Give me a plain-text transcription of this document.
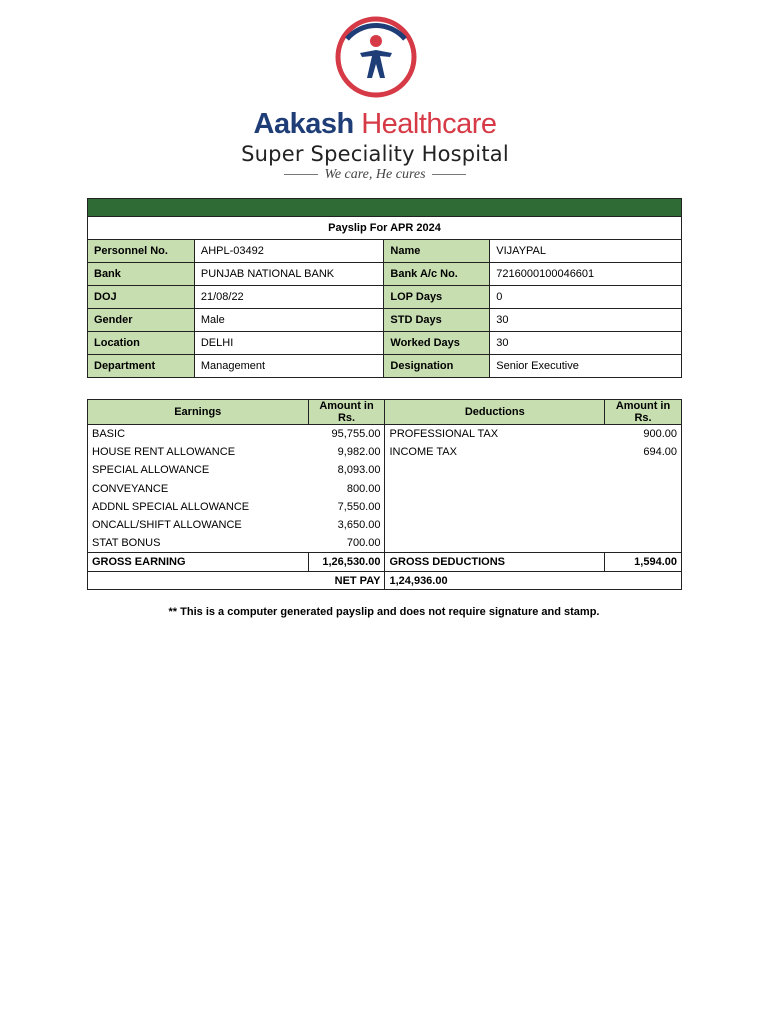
Aakash Healthcare
Super Speciality Hospital
We care, He cures

Payslip For APR 2024			
Personnel No.	AHPL-03492	Name	VIJAYPAL
Bank	PUNJAB NATIONAL BANK	Bank A/c No.	7216000100046601
DOJ	21/08/22	LOP Days	0
Gender	Male	STD Days	30
Location	DELHI	Worked Days	30
Department	Management	Designation	Senior Executive
Earnings	Amount in Rs.	Deductions	Amount in Rs.
BASIC	95,755.00	PROFESSIONAL TAX	900.00
HOUSE RENT ALLOWANCE	9,982.00	INCOME TAX	694.00
SPECIAL ALLOWANCE	8,093.00		
CONVEYANCE	800.00		
ADDNL SPECIAL ALLOWANCE	7,550.00		
ONCALL/SHIFT ALLOWANCE	3,650.00		
STAT BONUS	700.00		
GROSS EARNING	1,26,530.00	GROSS DEDUCTIONS	1,594.00
NET PAY		1,24,936.00	
** This is a computer generated payslip and does not require signature and stamp.
